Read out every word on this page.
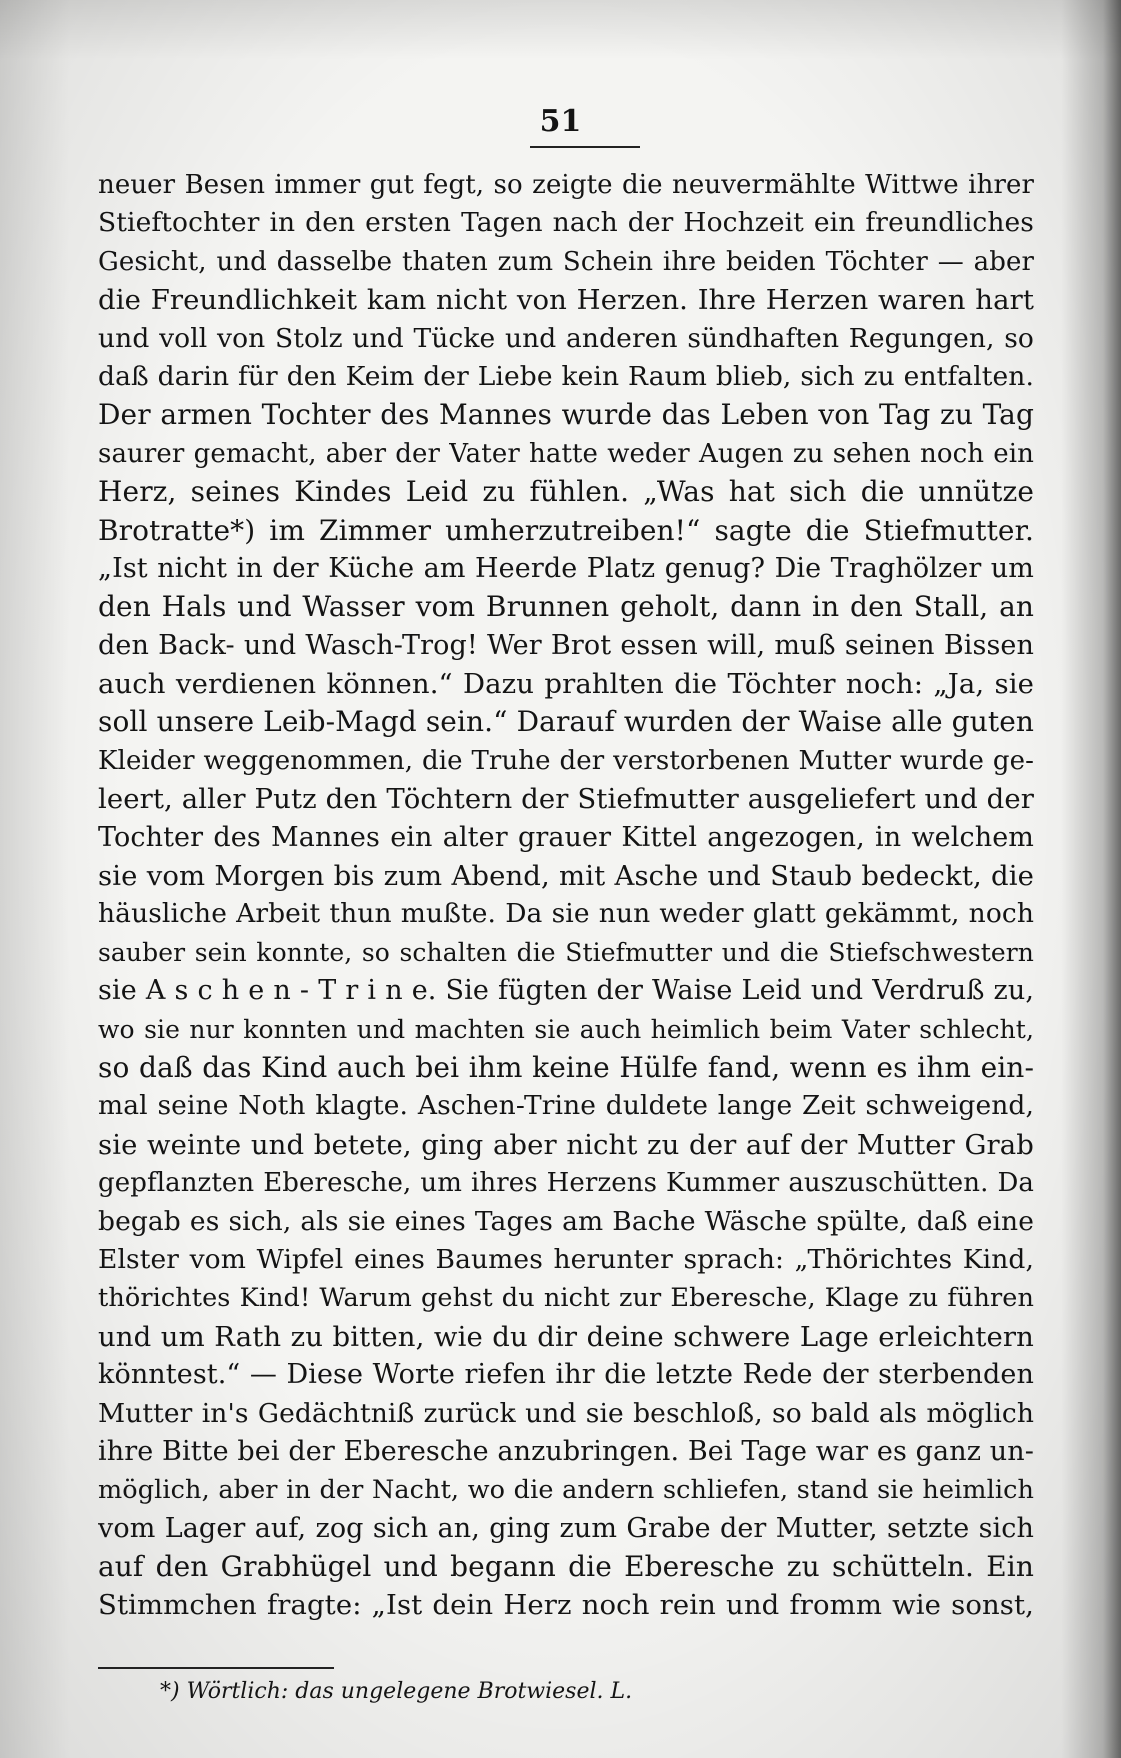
51
neuer Besen immer gut fegt, so zeigte die neuvermählte Wittwe ihrer
Stieftochter in den ersten Tagen nach der Hochzeit ein freundliches
Gesicht, und dasselbe thaten zum Schein ihre beiden Töchter — aber
die Freundlichkeit kam nicht von Herzen. Ihre Herzen waren hart
und voll von Stolz und Tücke und anderen sündhaften Regungen, so
daß darin für den Keim der Liebe kein Raum blieb, sich zu entfalten.
Der armen Tochter des Mannes wurde das Leben von Tag zu Tag
saurer gemacht, aber der Vater hatte weder Augen zu sehen noch ein
Herz, seines Kindes Leid zu fühlen. „Was hat sich die unnütze
Brotratte*) im Zimmer umherzutreiben!“ sagte die Stiefmutter.
„Ist nicht in der Küche am Heerde Platz genug? Die Traghölzer um
den Hals und Wasser vom Brunnen geholt, dann in den Stall, an
den Back- und Wasch-Trog! Wer Brot essen will, muß seinen Bissen
auch verdienen können.“ Dazu prahlten die Töchter noch: „Ja, sie
soll unsere Leib-Magd sein.“ Darauf wurden der Waise alle guten
Kleider weggenommen, die Truhe der verstorbenen Mutter wurde ge-
leert, aller Putz den Töchtern der Stiefmutter ausgeliefert und der
Tochter des Mannes ein alter grauer Kittel angezogen, in welchem
sie vom Morgen bis zum Abend, mit Asche und Staub bedeckt, die
häusliche Arbeit thun mußte. Da sie nun weder glatt gekämmt, noch
sauber sein konnte, so schalten die Stiefmutter und die Stiefschwestern
sie A s c h e n - T r i n e. Sie fügten der Waise Leid und Verdruß zu,
wo sie nur konnten und machten sie auch heimlich beim Vater schlecht,
so daß das Kind auch bei ihm keine Hülfe fand, wenn es ihm ein-
mal seine Noth klagte. Aschen-Trine duldete lange Zeit schweigend,
sie weinte und betete, ging aber nicht zu der auf der Mutter Grab
gepflanzten Eberesche, um ihres Herzens Kummer auszuschütten. Da
begab es sich, als sie eines Tages am Bache Wäsche spülte, daß eine
Elster vom Wipfel eines Baumes herunter sprach: „Thörichtes Kind,
thörichtes Kind! Warum gehst du nicht zur Eberesche, Klage zu führen
und um Rath zu bitten, wie du dir deine schwere Lage erleichtern
könntest.“ — Diese Worte riefen ihr die letzte Rede der sterbenden
Mutter in's Gedächtniß zurück und sie beschloß, so bald als möglich
ihre Bitte bei der Eberesche anzubringen. Bei Tage war es ganz un-
möglich, aber in der Nacht, wo die andern schliefen, stand sie heimlich
vom Lager auf, zog sich an, ging zum Grabe der Mutter, setzte sich
auf den Grabhügel und begann die Eberesche zu schütteln. Ein
Stimmchen fragte: „Ist dein Herz noch rein und fromm wie sonst,
*) Wörtlich: das ungelegene Brotwiesel. L.
